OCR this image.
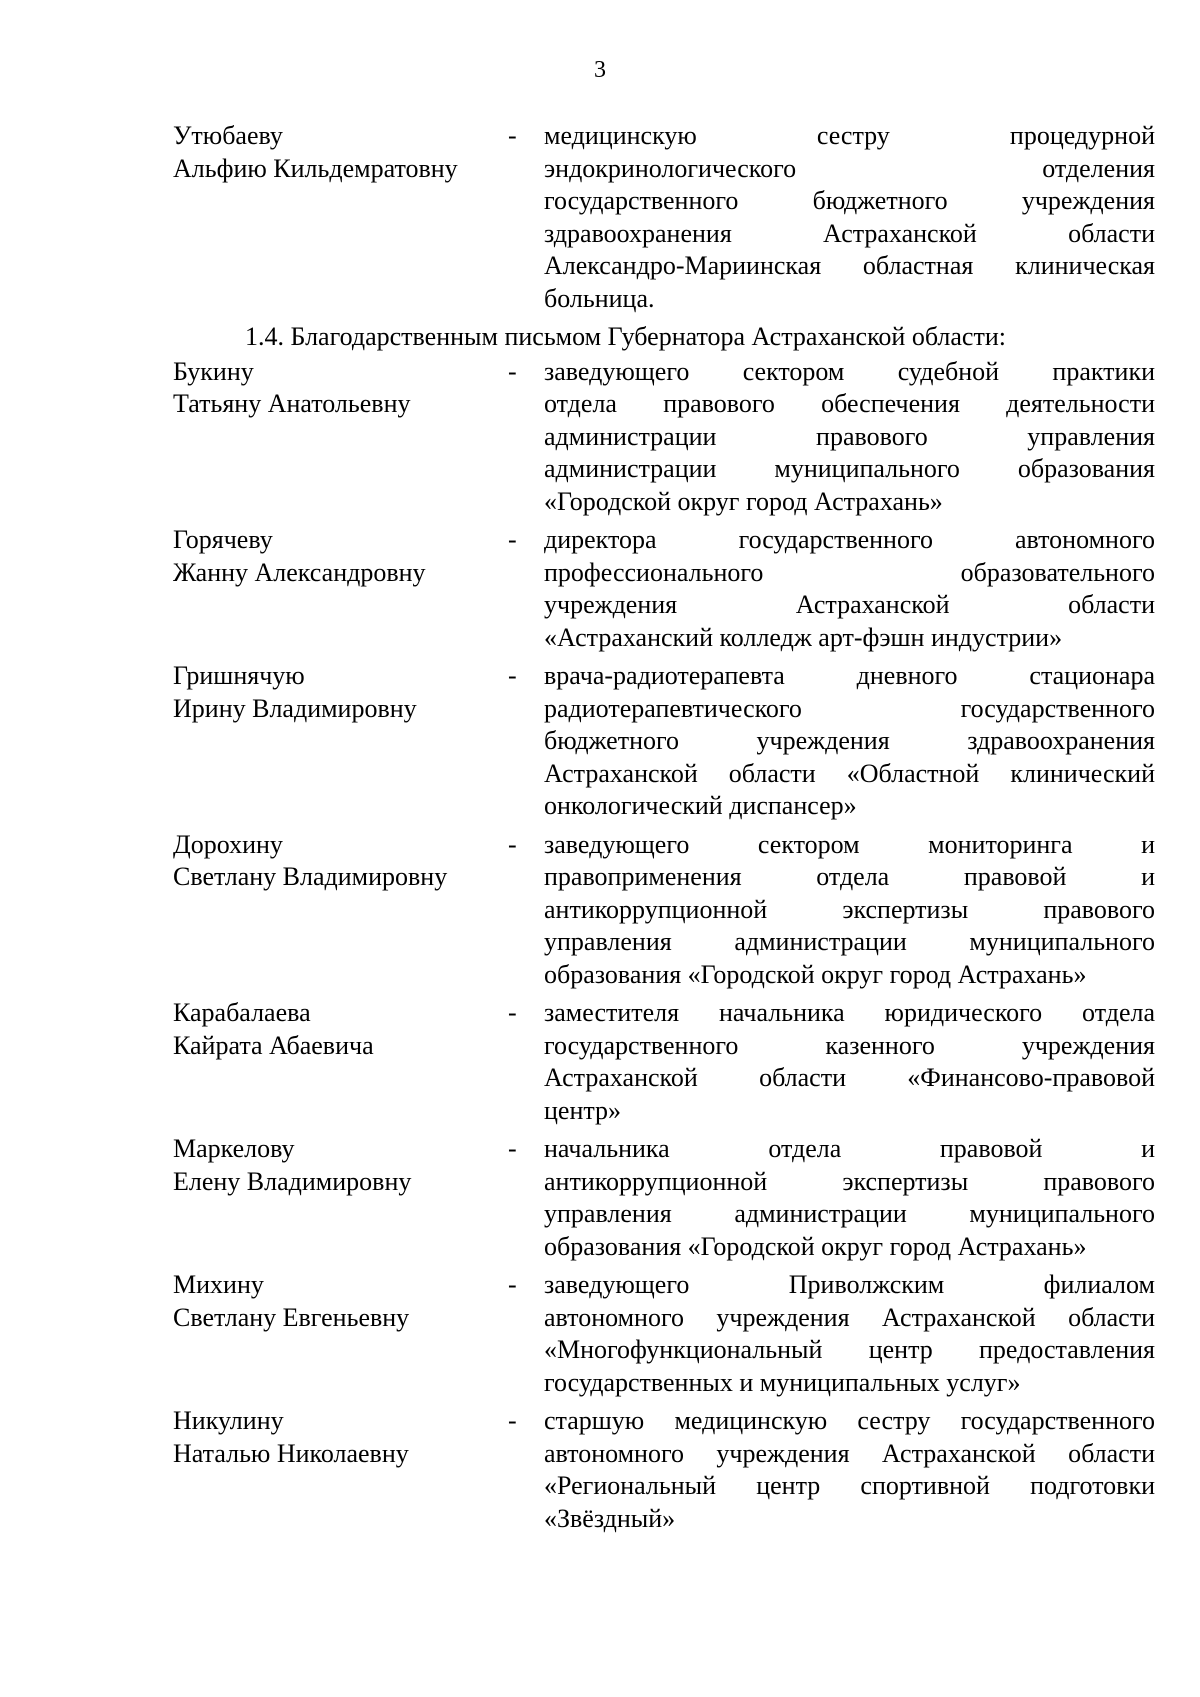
3
Утюбаеву
Альфию Кильдемратовну
-	медицинскую сестру процедурной
эндокринологического отделения
государственного бюджетного учреждения
здравоохранения Астраханской области
Александро-Мариинская областная клиническая
больница.
1.4. Благодарственным письмом Губернатора Астраханской области:
Букину
Татьяну Анатольевну
-	заведующего сектором судебной практики
отдела правового обеспечения деятельности
администрации правового управления
администрации муниципального образования
«Городской округ город Астрахань»
Горячеву
Жанну Александровну
-	директора государственного автономного
профессионального образовательного
учреждения Астраханской области
«Астраханский колледж арт-фэшн индустрии»
Гришнячую
Ирину Владимировну
-	врача-радиотерапевта дневного стационара
радиотерапевтического государственного
бюджетного учреждения здравоохранения
Астраханской области «Областной клинический
онкологический диспансер»
Дорохину
Светлану Владимировну
-	заведующего сектором мониторинга и
правоприменения отдела правовой и
антикоррупционной экспертизы правового
управления администрации муниципального
образования «Городской округ город Астрахань»
Карабалаева
Кайрата Абаевича
-	заместителя начальника юридического отдела
государственного казенного учреждения
Астраханской области «Финансово-правовой
центр»
Маркелову
Елену Владимировну
-	начальника отдела правовой и
антикоррупционной экспертизы правового
управления администрации муниципального
образования «Городской округ город Астрахань»
Михину
Светлану Евгеньевну
-	заведующего Приволжским филиалом
автономного учреждения Астраханской области
«Многофункциональный центр предоставления
государственных и муниципальных услуг»
Никулину
Наталью Николаевну
-	старшую медицинскую сестру государственного
автономного учреждения Астраханской области
«Региональный центр спортивной подготовки
«Звёздный»
